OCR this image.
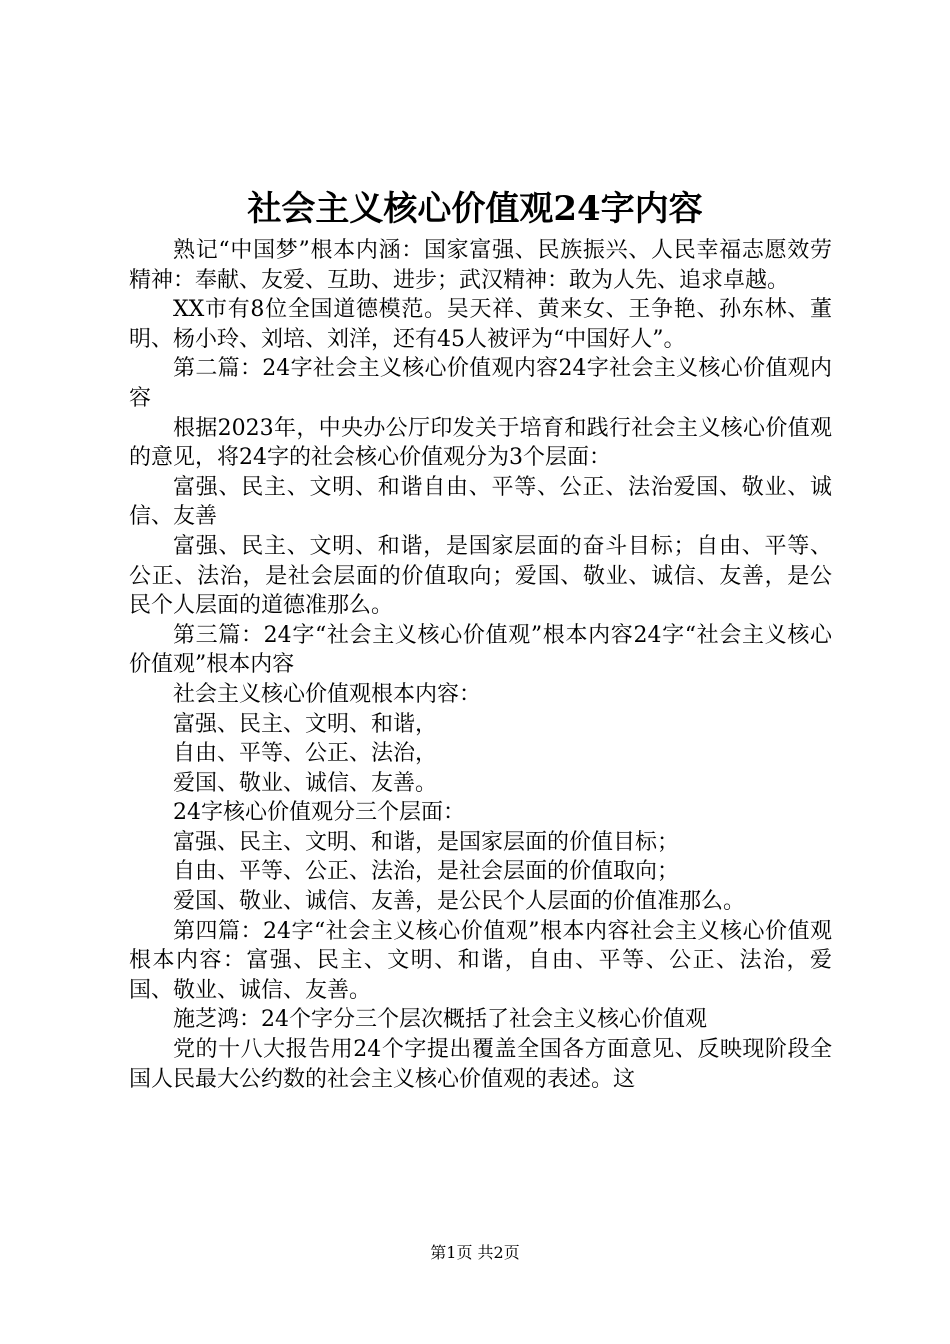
社会主义核心价值观24字内容

熟记“中国梦”根本内涵：国家富强、民族振兴、人民幸福志愿效劳精神：奉献、友爱、互助、进步；武汉精神：敢为人先、追求卓越。

XX市有8位全国道德模范。吴天祥、黄来女、王争艳、孙东林、董明、杨小玲、刘培、刘洋，还有45人被评为“中国好人”。

第二篇：24字社会主义核心价值观内容24字社会主义核心价值观内容

根据2023年，中央办公厅印发关于培育和践行社会主义核心价值观的意见，将24字的社会核心价值观分为3个层面：

富强、民主、文明、和谐自由、平等、公正、法治爱国、敬业、诚信、友善

富强、民主、文明、和谐，是国家层面的奋斗目标；自由、平等、公正、法治，是社会层面的价值取向；爱国、敬业、诚信、友善，是公民个人层面的道德准那么。

第三篇：24字“社会主义核心价值观”根本内容24字“社会主义核心价值观”根本内容

社会主义核心价值观根本内容：

富强、民主、文明、和谐，

自由、平等、公正、法治，

爱国、敬业、诚信、友善。

24字核心价值观分三个层面：

富强、民主、文明、和谐，是国家层面的价值目标；

自由、平等、公正、法治，是社会层面的价值取向；

爱国、敬业、诚信、友善，是公民个人层面的价值准那么。

第四篇：24字“社会主义核心价值观”根本内容社会主义核心价值观根本内容：富强、民主、文明、和谐，自由、平等、公正、法治，爱国、敬业、诚信、友善。

施芝鸿：24个字分三个层次概括了社会主义核心价值观

党的十八大报告用24个字提出覆盖全国各方面意见、反映现阶段全国人民最大公约数的社会主义核心价值观的表述。这

第1页 共2页
